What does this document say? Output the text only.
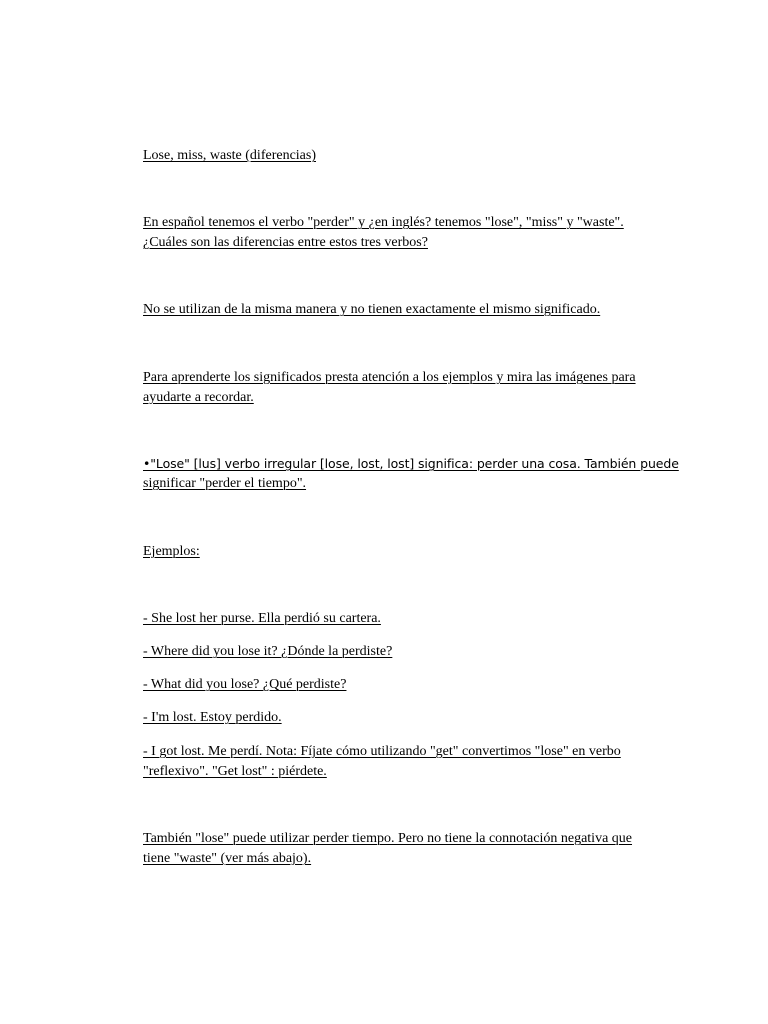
Lose, miss, waste (diferencias)
En español tenemos el verbo "perder" y ¿en inglés? tenemos "lose", "miss" y "waste".
¿Cuáles son las diferencias entre estos tres verbos?
No se utilizan de la misma manera y no tienen exactamente el mismo significado.
Para aprenderte los significados presta atención a los ejemplos y mira las imágenes para
ayudarte a recordar.
•"Lose" [lus] verbo irregular [lose, lost, lost] significa: perder una cosa. También puede
significar "perder el tiempo".
Ejemplos:
- She lost her purse. Ella perdió su cartera.
- Where did you lose it? ¿Dónde la perdiste?
- What did you lose? ¿Qué perdiste?
- I'm lost. Estoy perdido.
- I got lost. Me perdí. Nota: Fíjate cómo utilizando "get" convertimos "lose" en verbo
"reflexivo". "Get lost" : piérdete.
También "lose" puede utilizar perder tiempo. Pero no tiene la connotación negativa que
tiene "waste" (ver más abajo).
